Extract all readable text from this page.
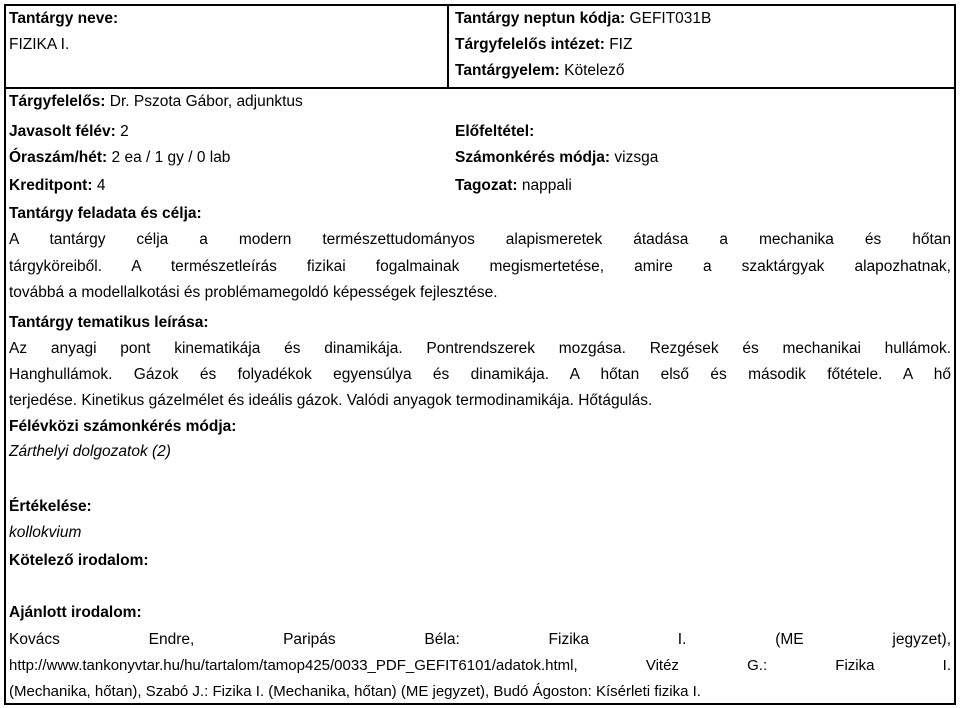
Tantárgy neve:
FIZIKA I.
Tantárgy neptun kódja: GEFIT031B
Tárgyfelelős intézet: FIZ
Tantárgyelem: Kötelező
Tárgyfelelős: Dr. Pszota Gábor, adjunktus
Javasolt félév: 2
Óraszám/hét: 2 ea / 1 gy / 0 lab
Kreditpont: 4
Előfeltétel:
Számonkérés módja: vizsga
Tagozat: nappali
Tantárgy feladata és célja:
A tantárgy célja a modern természettudományos alapismeretek átadása a mechanika és hőtan
tárgyköreiből. A természetleírás fizikai fogalmainak megismertetése, amire a szaktárgyak alapozhatnak,
továbbá a modellalkotási és problémamegoldó képességek fejlesztése.
Tantárgy tematikus leírása:
Az anyagi pont kinematikája és dinamikája. Pontrendszerek mozgása. Rezgések és mechanikai hullámok.
Hanghullámok. Gázok és folyadékok egyensúlya és dinamikája. A hőtan első és második főtétele. A hő
terjedése. Kinetikus gázelmélet és ideális gázok. Valódi anyagok termodinamikája. Hőtágulás.
Félévközi számonkérés módja:
Zárthelyi dolgozatok (2)
Értékelése:
kollokvium
Kötelező irodalom:
Ajánlott irodalom:
Kovács Endre, Paripás Béla: Fizika I. (ME jegyzet),
http://www.tankonyvtar.hu/hu/tartalom/tamop425/0033_PDF_GEFIT6101/adatok.html, Vitéz G.: Fizika I.
(Mechanika, hőtan), Szabó J.: Fizika I. (Mechanika, hőtan) (ME jegyzet), Budó Ágoston: Kísérleti fizika I.
